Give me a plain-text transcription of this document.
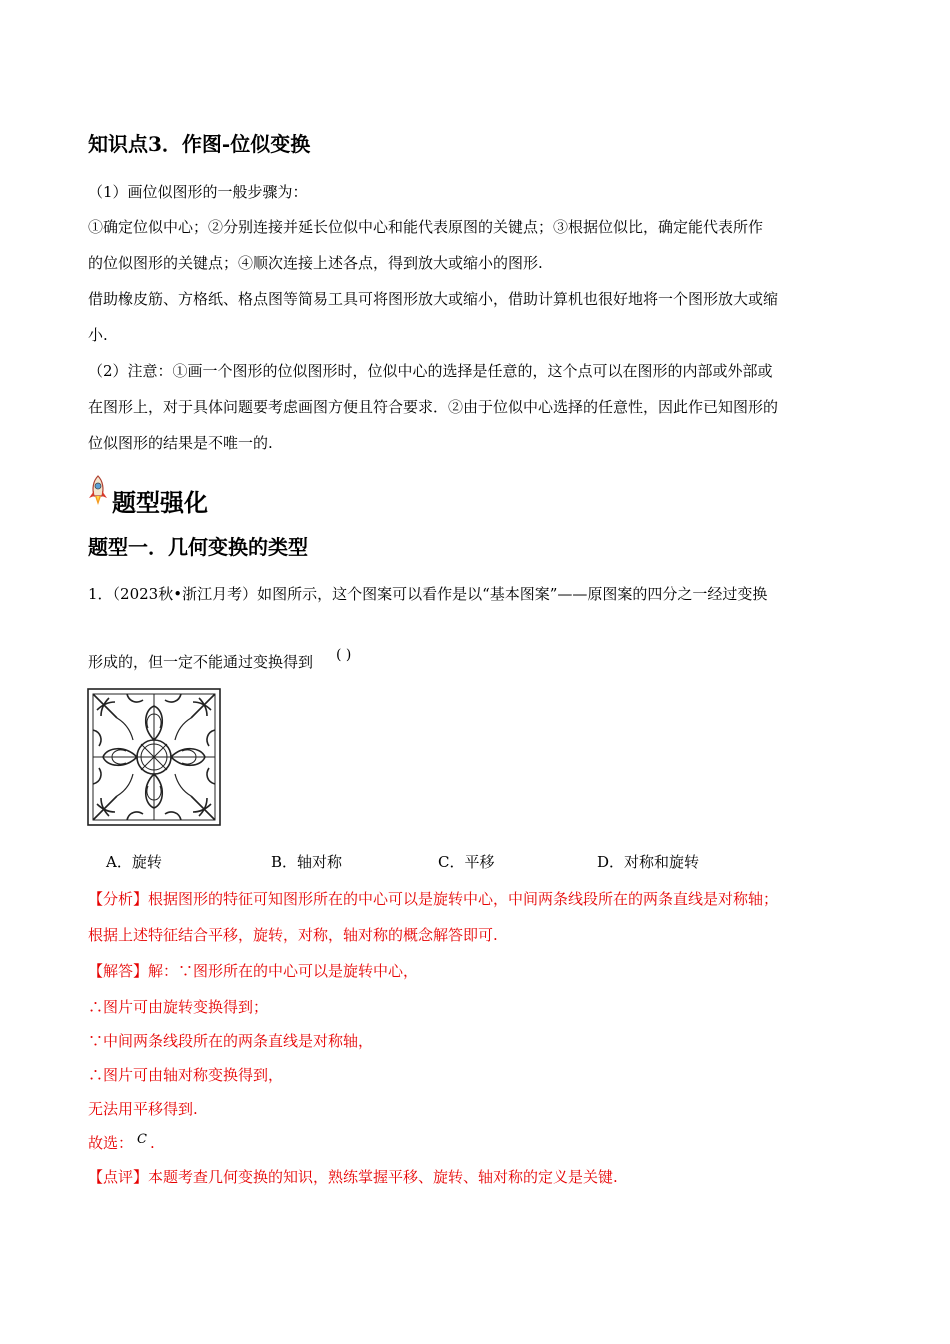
知识点3．作图-位似变换
（1）画位似图形的一般步骤为：
①确定位似中心；②分别连接并延长位似中心和能代表原图的关键点；③根据位似比，确定能代表所作
的位似图形的关键点；④顺次连接上述各点，得到放大或缩小的图形.
借助橡皮筋、方格纸、格点图等简易工具可将图形放大或缩小，借助计算机也很好地将一个图形放大或缩
小.
（2）注意：①画一个图形的位似图形时，位似中心的选择是任意的，这个点可以在图形的内部或外部或
在图形上，对于具体问题要考虑画图方便且符合要求．②由于位似中心选择的任意性，因此作已知图形的
位似图形的结果是不唯一的.
题型强化
题型一．几何变换的类型
1．（2023秋•浙江月考）如图所示，这个图案可以看作是以“基本图案”——原图案的四分之一经过变换
形成的，但一定不能通过变换得到 ( )
A．旋转	B．轴对称	C．平移	D．对称和旋转
【分析】根据图形的特征可知图形所在的中心可以是旋转中心，中间两条线段所在的两条直线是对称轴；
根据上述特征结合平移，旋转，对称，轴对称的概念解答即可.
【解答】解：∵图形所在的中心可以是旋转中心，
∴图片可由旋转变换得到；
∵中间两条线段所在的两条直线是对称轴，
∴图片可由轴对称变换得到，
无法用平移得到.
故选： C .
【点评】本题考查几何变换的知识，熟练掌握平移、旋转、轴对称的定义是关键.
